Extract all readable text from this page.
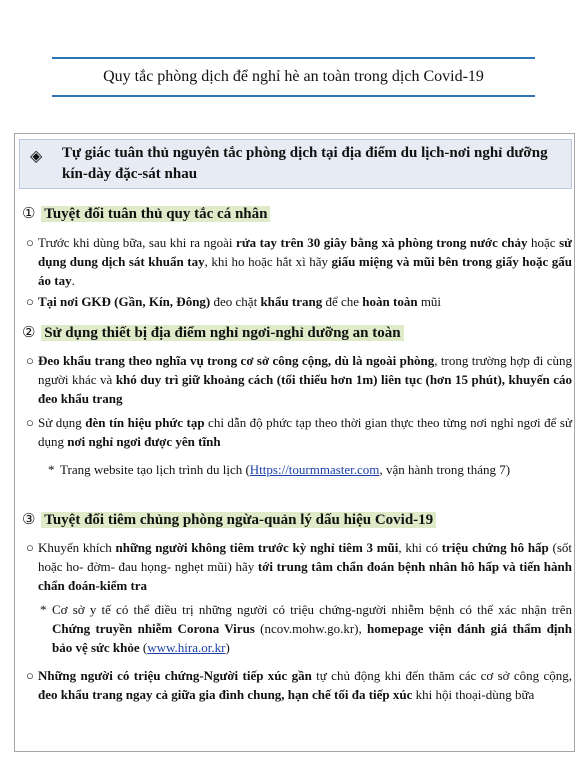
Quy tắc phòng dịch để nghỉ hè an toàn trong dịch Covid-19
◈ Tự giác tuân thủ nguyên tắc phòng dịch tại địa điểm du lịch-nơi nghỉ dưỡng kín-dày đặc-sát nhau
① Tuyệt đối tuân thủ quy tắc cá nhân
○ Trước khi dùng bữa, sau khi ra ngoài rửa tay trên 30 giây bằng xà phòng trong nước chảy hoặc sử dụng dung dịch sát khuẩn tay, khi ho hoặc hắt xì hãy giấu miệng và mũi bên trong giấy hoặc gấu áo tay.
○ Tại nơi GKĐ (Gần, Kín, Đông) đeo chặt khẩu trang để che hoàn toàn mũi
② Sử dụng thiết bị địa điểm nghỉ ngơi-nghỉ dưỡng an toàn
○ Đeo khẩu trang theo nghĩa vụ trong cơ sở công cộng, dù là ngoài phòng, trong trường hợp đi cùng người khác và khó duy trì giữ khoảng cách (tối thiểu hơn 1m) liên tục (hơn 15 phút), khuyến cáo đeo khẩu trang
○ Sử dụng đèn tín hiệu phức tạp chỉ dẫn độ phức tạp theo thời gian thực theo từng nơi nghỉ ngơi để sử dụng nơi nghỉ ngơi được yên tĩnh
* Trang website tạo lịch trình du lịch (Https://tourmmaster.com, vận hành trong tháng 7)
③ Tuyệt đối tiêm chủng phòng ngừa-quản lý dấu hiệu Covid-19
○ Khuyến khích những người không tiêm trước kỳ nghỉ tiêm 3 mũi, khi có triệu chứng hô hấp (sốt hoặc ho- đờm- đau họng- nghẹt mũi) hãy tới trung tâm chẩn đoán bệnh nhân hô hấp và tiến hành chẩn đoán-kiểm tra
* Cơ sở y tế có thể điều trị những người có triệu chứng-người nhiễm bệnh có thể xác nhận trên Chứng truyền nhiễm Corona Virus (ncov.mohw.go.kr), homepage viện đánh giá thẩm định bảo vệ sức khỏe (www.hira.or.kr)
○ Những người có triệu chứng-Người tiếp xúc gần tự chủ động khi đến thăm các cơ sở công cộng, đeo khẩu trang ngay cả giữa gia đình chung, hạn chế tối đa tiếp xúc khi hội thoại-dùng bữa
